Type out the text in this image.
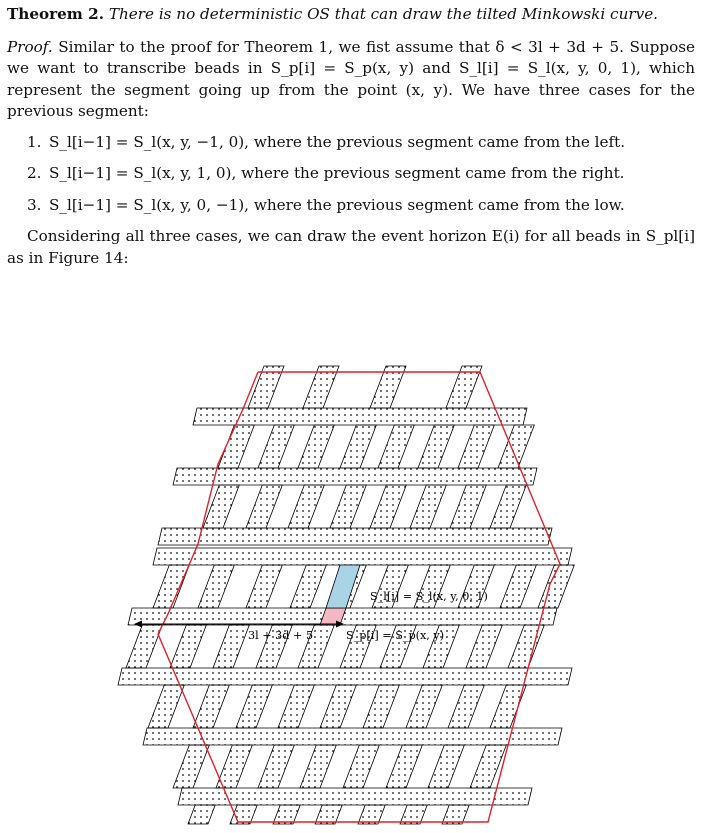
Theorem 2. There is no deterministic OS that can draw the tilted Minkowski curve.

Proof. Similar to the proof for Theorem 1, we fist assume that δ < 3l + 3d + 5. Suppose we want to transcribe beads in S_p[i] = S_p(x, y) and S_l[i] = S_l(x, y, 0, 1), which represent the segment going up from the point (x, y). We have three cases for the previous segment:

1. S_l[i−1] = S_l(x, y, −1, 0), where the previous segment came from the left.
2. S_l[i−1] = S_l(x, y, 1, 0), where the previous segment came from the right.
3. S_l[i−1] = S_l(x, y, 0, −1), where the previous segment came from the low.

Considering all three cases, we can draw the event horizon E(i) for all beads in S_pl[i] as in Figure 14:

S_l[i] = S_l(x, y, 0, 1)
S_p[i] = S_p(x, y)
3l + 3d + 5
